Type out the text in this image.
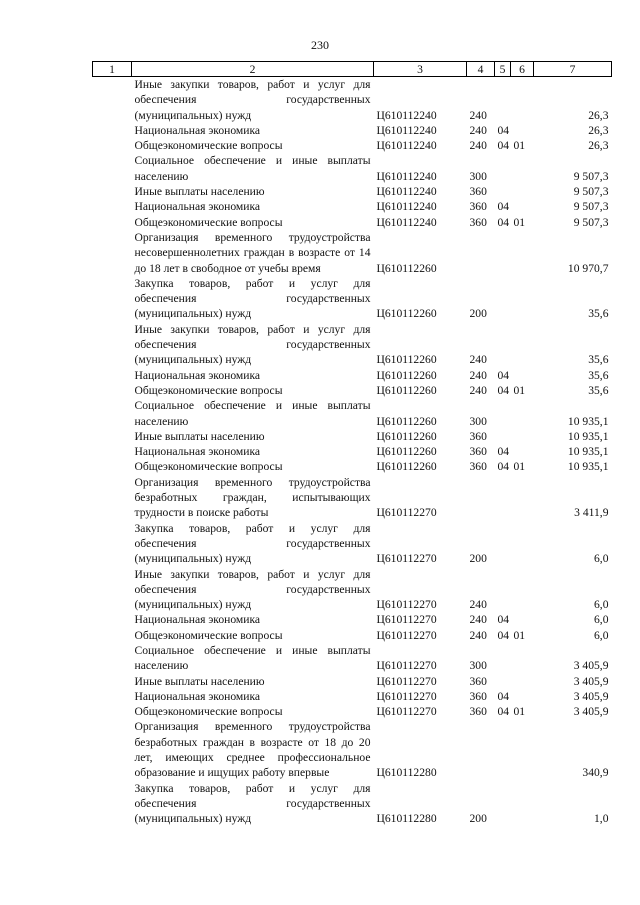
230
1	2	3	4	5	6	7
	Иные закупки товаров, работ и услуг для обеспечения государственных (муниципальных) нужд	Ц610112240	240			26,3
	Национальная экономика	Ц610112240	240	04		26,3
	Общеэкономические вопросы	Ц610112240	240	04	01	26,3
	Социальное обеспечение и иные выплаты населению	Ц610112240	300			9 507,3
	Иные выплаты населению	Ц610112240	360			9 507,3
	Национальная экономика	Ц610112240	360	04		9 507,3
	Общеэкономические вопросы	Ц610112240	360	04	01	9 507,3
	Организация временного трудоустройства несовершеннолетних граждан в возрасте от 14 до 18 лет в свободное от учебы время	Ц610112260				10 970,7
	Закупка товаров, работ и услуг для обеспечения государственных (муниципальных) нужд	Ц610112260	200			35,6
	Иные закупки товаров, работ и услуг для обеспечения государственных (муниципальных) нужд	Ц610112260	240			35,6
	Национальная экономика	Ц610112260	240	04		35,6
	Общеэкономические вопросы	Ц610112260	240	04	01	35,6
	Социальное обеспечение и иные выплаты населению	Ц610112260	300			10 935,1
	Иные выплаты населению	Ц610112260	360			10 935,1
	Национальная экономика	Ц610112260	360	04		10 935,1
	Общеэкономические вопросы	Ц610112260	360	04	01	10 935,1
	Организация временного трудоустройства безработных граждан, испытывающих трудности в поиске работы	Ц610112270				3 411,9
	Закупка товаров, работ и услуг для обеспечения государственных (муниципальных) нужд	Ц610112270	200			6,0
	Иные закупки товаров, работ и услуг для обеспечения государственных (муниципальных) нужд	Ц610112270	240			6,0
	Национальная экономика	Ц610112270	240	04		6,0
	Общеэкономические вопросы	Ц610112270	240	04	01	6,0
	Социальное обеспечение и иные выплаты населению	Ц610112270	300			3 405,9
	Иные выплаты населению	Ц610112270	360			3 405,9
	Национальная экономика	Ц610112270	360	04		3 405,9
	Общеэкономические вопросы	Ц610112270	360	04	01	3 405,9
	Организация временного трудоустройства безработных граждан в возрасте от 18 до 20 лет, имеющих среднее профессиональное образование и ищущих работу впервые	Ц610112280				340,9
	Закупка товаров, работ и услуг для обеспечения государственных (муниципальных) нужд	Ц610112280	200			1,0
